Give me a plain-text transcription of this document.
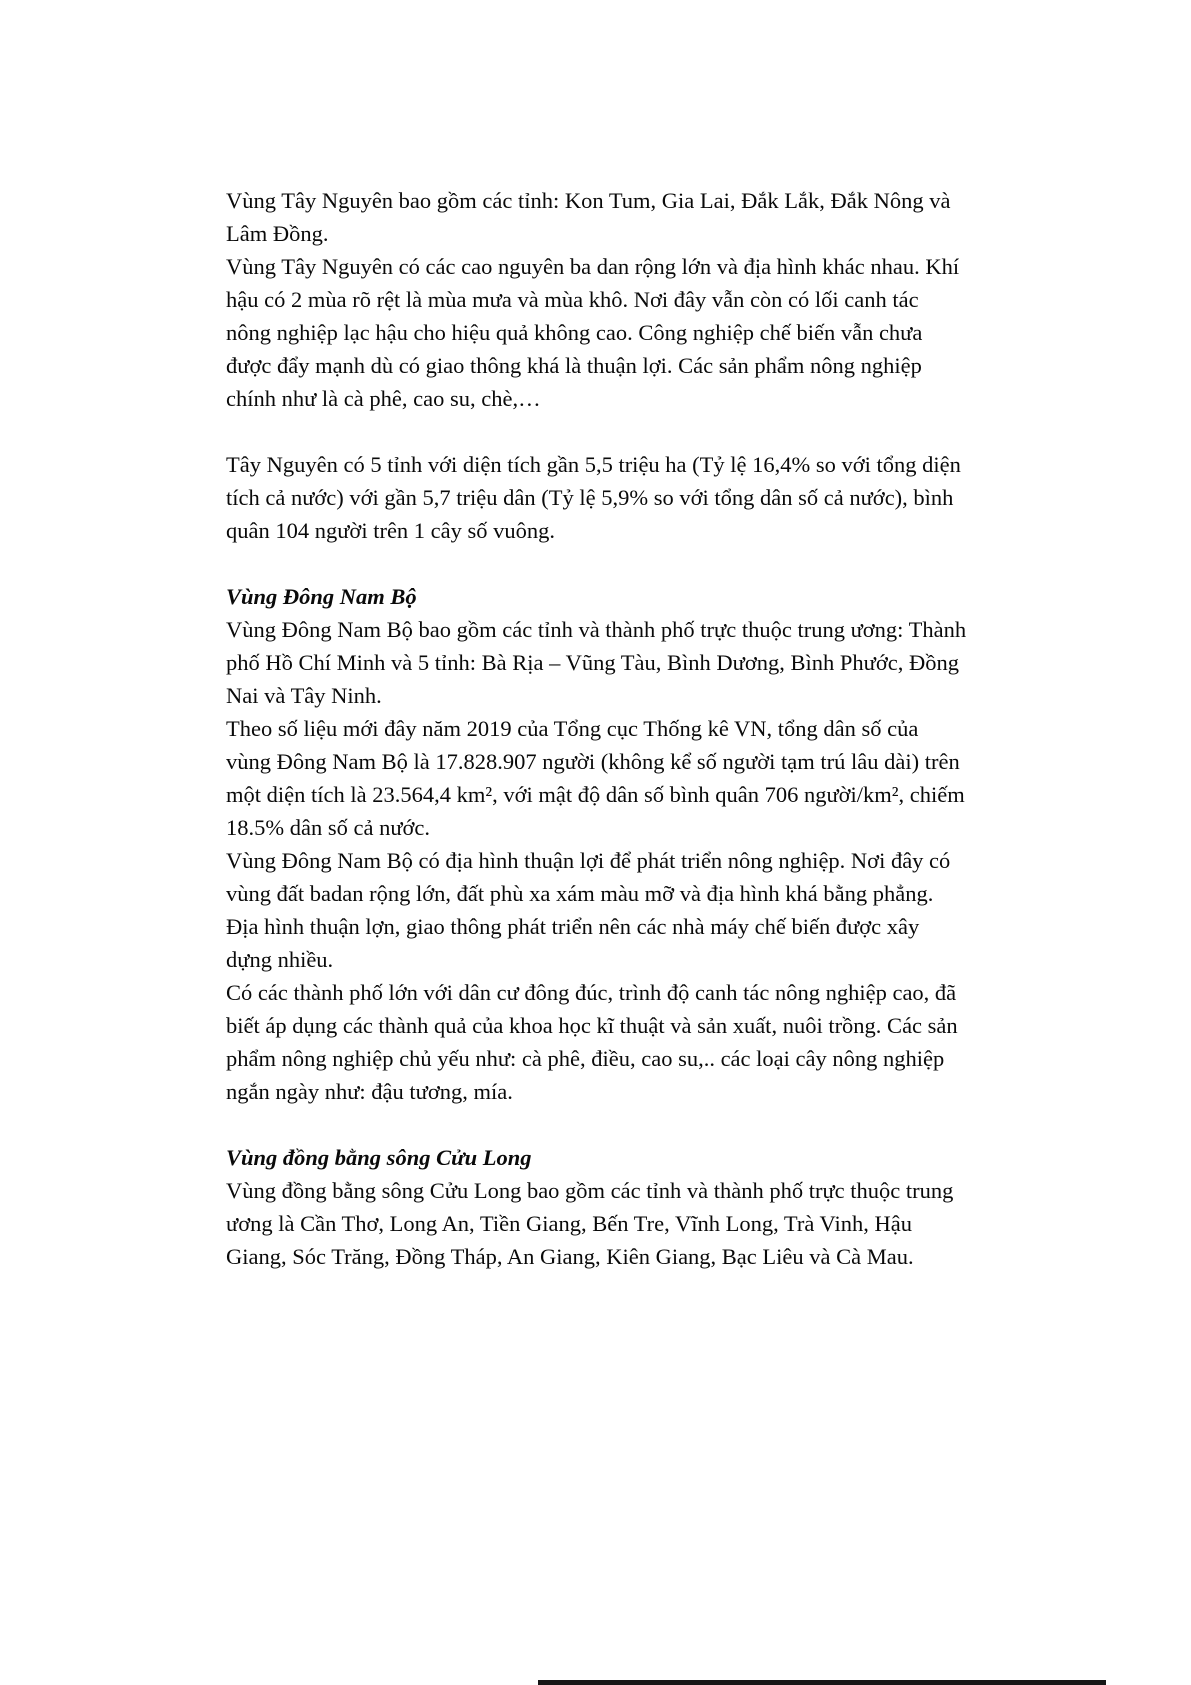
Vùng Tây Nguyên bao gồm các tỉnh: Kon Tum, Gia Lai, Đắk Lắk, Đắk Nông và Lâm Đồng.

Vùng Tây Nguyên có các cao nguyên ba dan rộng lớn và địa hình khác nhau. Khí hậu có 2 mùa rõ rệt là mùa mưa và mùa khô. Nơi đây vẫn còn có lối canh tác nông nghiệp lạc hậu cho hiệu quả không cao. Công nghiệp chế biến vẫn chưa được đẩy mạnh dù có giao thông khá là thuận lợi. Các sản phẩm nông nghiệp chính như là cà phê, cao su, chè,…

Tây Nguyên có 5 tỉnh với diện tích gần 5,5 triệu ha (Tỷ lệ 16,4% so với tổng diện tích cả nước) với gần 5,7 triệu dân (Tỷ lệ 5,9% so với tổng dân số cả nước), bình quân 104 người trên 1 cây số vuông.

Vùng Đông Nam Bộ

Vùng Đông Nam Bộ bao gồm các tỉnh và thành phố trực thuộc trung ương: Thành phố Hồ Chí Minh và 5 tỉnh: Bà Rịa – Vũng Tàu, Bình Dương, Bình Phước, Đồng Nai và Tây Ninh.

Theo số liệu mới đây năm 2019 của Tổng cục Thống kê VN, tổng dân số của vùng Đông Nam Bộ là 17.828.907 người (không kể số người tạm trú lâu dài) trên một diện tích là 23.564,4 km², với mật độ dân số bình quân 706 người/km², chiếm 18.5% dân số cả nước.

Vùng Đông Nam Bộ có địa hình thuận lợi để phát triển nông nghiệp. Nơi đây có vùng đất badan rộng lớn, đất phù xa xám màu mỡ và địa hình khá bằng phẳng. Địa hình thuận lợn, giao thông phát triển nên các nhà máy chế biến được xây dựng nhiều.

Có các thành phố lớn với dân cư đông đúc, trình độ canh tác nông nghiệp cao, đã biết áp dụng các thành quả của khoa học kĩ thuật và sản xuất, nuôi trồng. Các sản phẩm nông nghiệp chủ yếu như: cà phê, điều, cao su,.. các loại cây nông nghiệp ngắn ngày như: đậu tương, mía.

Vùng đồng bằng sông Cửu Long

Vùng đồng bằng sông Cửu Long bao gồm các tỉnh và thành phố trực thuộc trung ương là Cần Thơ, Long An, Tiền Giang, Bến Tre, Vĩnh Long, Trà Vinh, Hậu Giang, Sóc Trăng, Đồng Tháp, An Giang, Kiên Giang, Bạc Liêu và Cà Mau.
